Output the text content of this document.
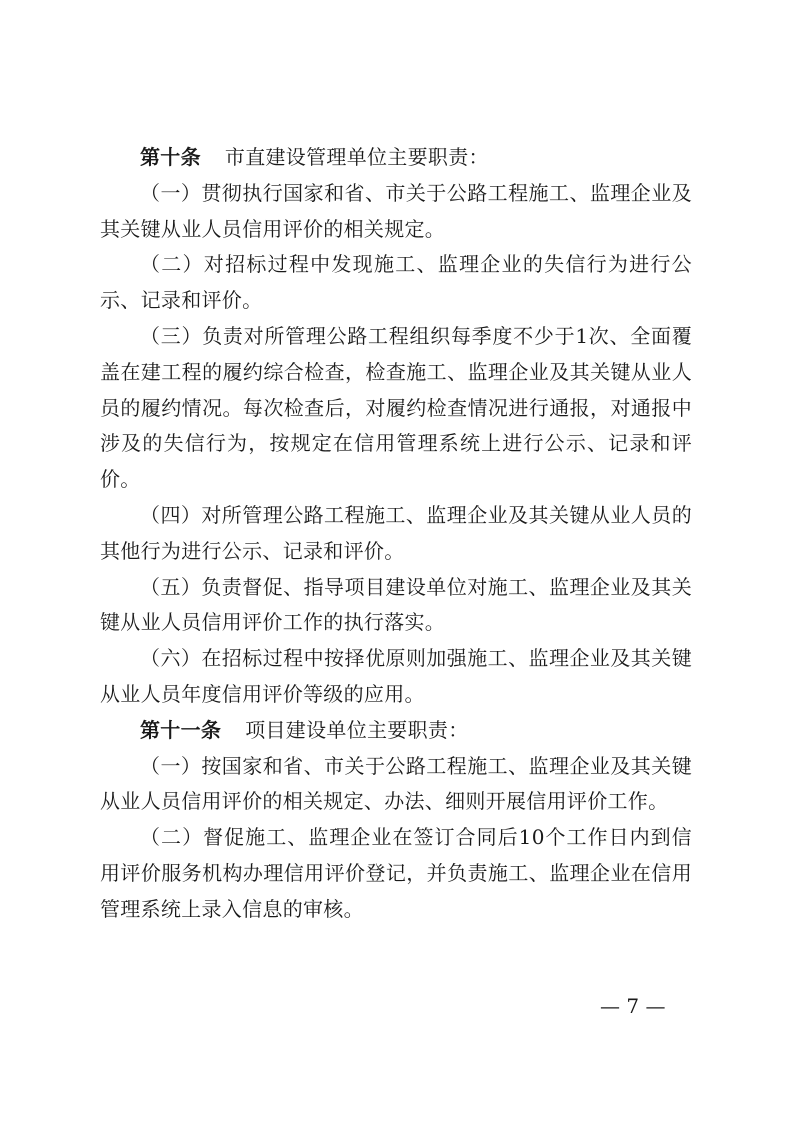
第十条 市直建设管理单位主要职责：

（一）贯彻执行国家和省、市关于公路工程施工、监理企业及其关键从业人员信用评价的相关规定。

（二）对招标过程中发现施工、监理企业的失信行为进行公示、记录和评价。

（三）负责对所管理公路工程组织每季度不少于1次、全面覆盖在建工程的履约综合检查，检查施工、监理企业及其关键从业人员的履约情况。每次检查后，对履约检查情况进行通报，对通报中涉及的失信行为，按规定在信用管理系统上进行公示、记录和评价。

（四）对所管理公路工程施工、监理企业及其关键从业人员的其他行为进行公示、记录和评价。

（五）负责督促、指导项目建设单位对施工、监理企业及其关键从业人员信用评价工作的执行落实。

（六）在招标过程中按择优原则加强施工、监理企业及其关键从业人员年度信用评价等级的应用。

第十一条 项目建设单位主要职责：

（一）按国家和省、市关于公路工程施工、监理企业及其关键从业人员信用评价的相关规定、办法、细则开展信用评价工作。

（二）督促施工、监理企业在签订合同后10个工作日内到信用评价服务机构办理信用评价登记，并负责施工、监理企业在信用管理系统上录入信息的审核。

— 7 —
